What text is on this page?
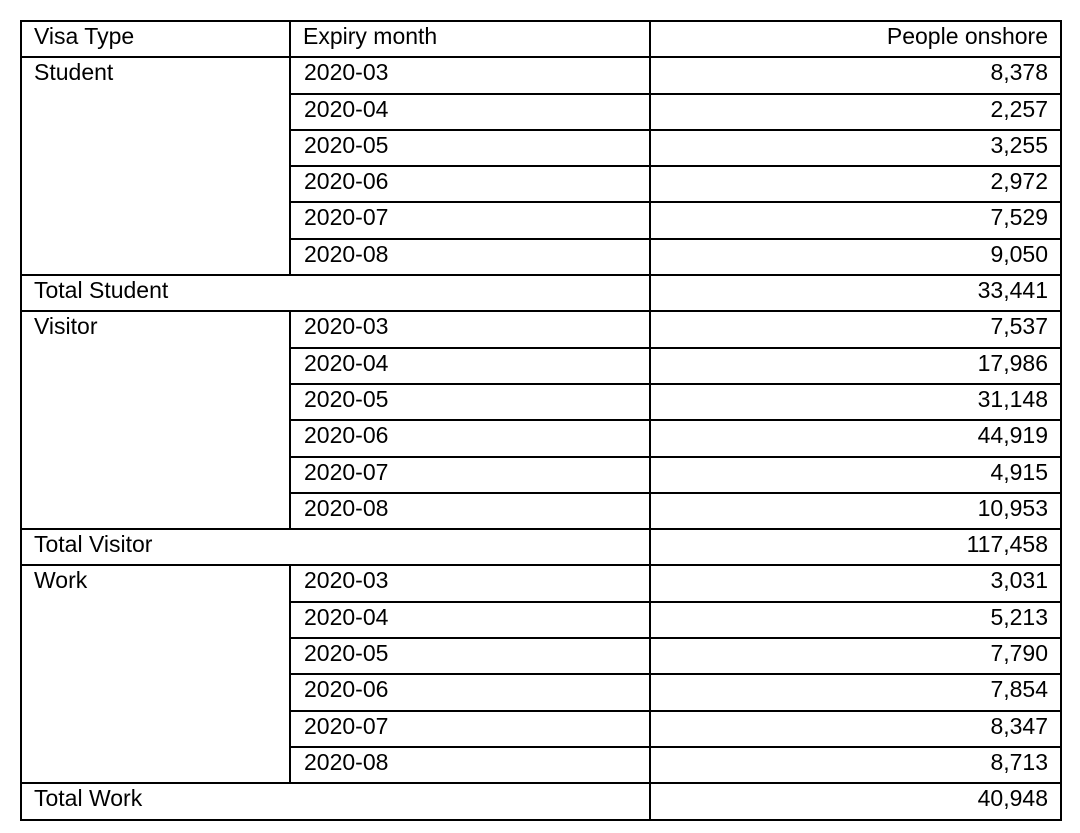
Visa Type	Expiry month	People onshore
Student	2020-03	8,378
	2020-04	2,257
	2020-05	3,255
	2020-06	2,972
	2020-07	7,529
	2020-08	9,050
Total Student		33,441
Visitor	2020-03	7,537
	2020-04	17,986
	2020-05	31,148
	2020-06	44,919
	2020-07	4,915
	2020-08	10,953
Total Visitor		117,458
Work	2020-03	3,031
	2020-04	5,213
	2020-05	7,790
	2020-06	7,854
	2020-07	8,347
	2020-08	8,713
Total Work		40,948
